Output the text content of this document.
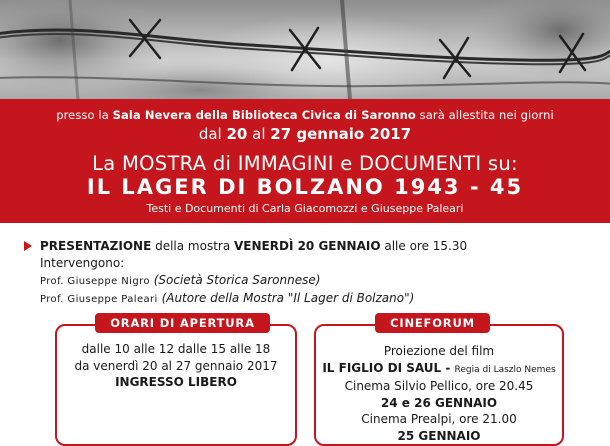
presso la Sala Nevera della Biblioteca Civica di Saronno sarà allestita nei giorni
dal 20 al 27 gennaio 2017
La MOSTRA di IMMAGINI e DOCUMENTI su:
IL LAGER DI BOLZANO 1943 - 45
Testi e Documenti di Carla Giacomozzi e Giuseppe Paleari
PRESENTAZIONE della mostra VENERDÌ 20 GENNAIO alle ore 15.30
Intervengono:
Prof. Giuseppe Nigro (Società Storica Saronnese)
Prof. Giuseppe Paleari (Autore della Mostra "Il Lager di Bolzano")
dalle 10 alle 12 dalle 15 alle 18
da venerdì 20 al 27 gennaio 2017
INGRESSO LIBERO
ORARI DI APERTURA
Proiezione del film
IL FIGLIO DI SAUL - Regia di Laszlo Nemes
Cinema Silvio Pellico, ore 20.45
24 e 26 GENNAIO
Cinema Prealpi, ore 21.00
25 GENNAIO
CINEFORUM
